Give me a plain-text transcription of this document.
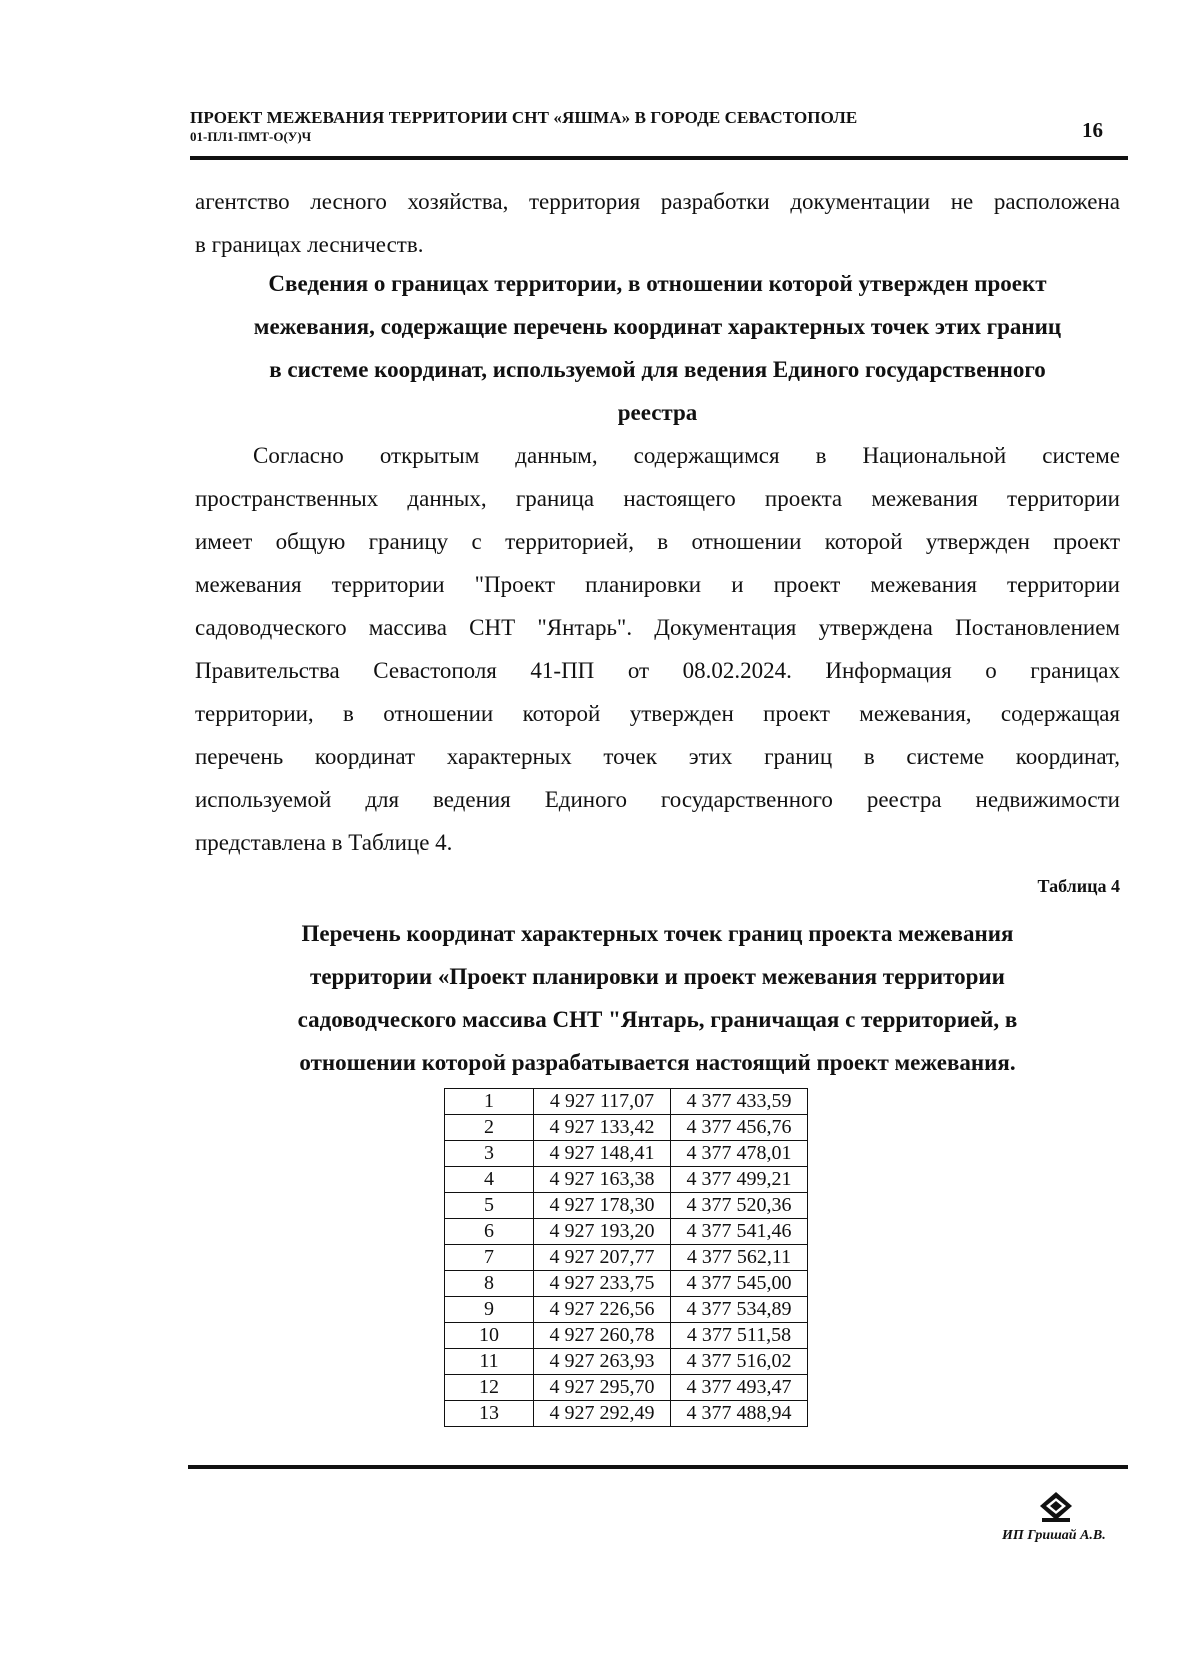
ПРОЕКТ МЕЖЕВАНИЯ ТЕРРИТОРИИ СНТ «ЯШМА» В ГОРОДЕ СЕВАСТОПОЛЕ
01-ПЛ1-ПМТ-О(У)Ч	16
агентство лесного хозяйства, территория разработки документации не расположена
в границах лесничеств.
Сведения о границах территории, в отношении которой утвержден проект
межевания, содержащие перечень координат характерных точек этих границ
в системе координат, используемой для ведения Единого государственного
реестра
Согласно открытым данным, содержащимся в Национальной системе
пространственных данных, граница настоящего проекта межевания территории
имеет общую границу с территорией, в отношении которой утвержден проект
межевания территории "Проект планировки и проект межевания территории
садоводческого массива СНТ "Янтарь". Документация утверждена Постановлением
Правительства Севастополя 41-ПП от 08.02.2024. Информация о границах
территории, в отношении которой утвержден проект межевания, содержащая
перечень координат характерных точек этих границ в системе координат,
используемой для ведения Единого государственного реестра недвижимости
представлена в Таблице 4.
Таблица 4
Перечень координат характерных точек границ проекта межевания
территории «Проект планировки и проект межевания территории
садоводческого массива СНТ "Янтарь, граничащая с территорией, в
отношении которой разрабатывается настоящий проект межевания.
1	4 927 117,07	4 377 433,59
2	4 927 133,42	4 377 456,76
3	4 927 148,41	4 377 478,01
4	4 927 163,38	4 377 499,21
5	4 927 178,30	4 377 520,36
6	4 927 193,20	4 377 541,46
7	4 927 207,77	4 377 562,11
8	4 927 233,75	4 377 545,00
9	4 927 226,56	4 377 534,89
10	4 927 260,78	4 377 511,58
11	4 927 263,93	4 377 516,02
12	4 927 295,70	4 377 493,47
13	4 927 292,49	4 377 488,94
ИП Гришай А.В.
